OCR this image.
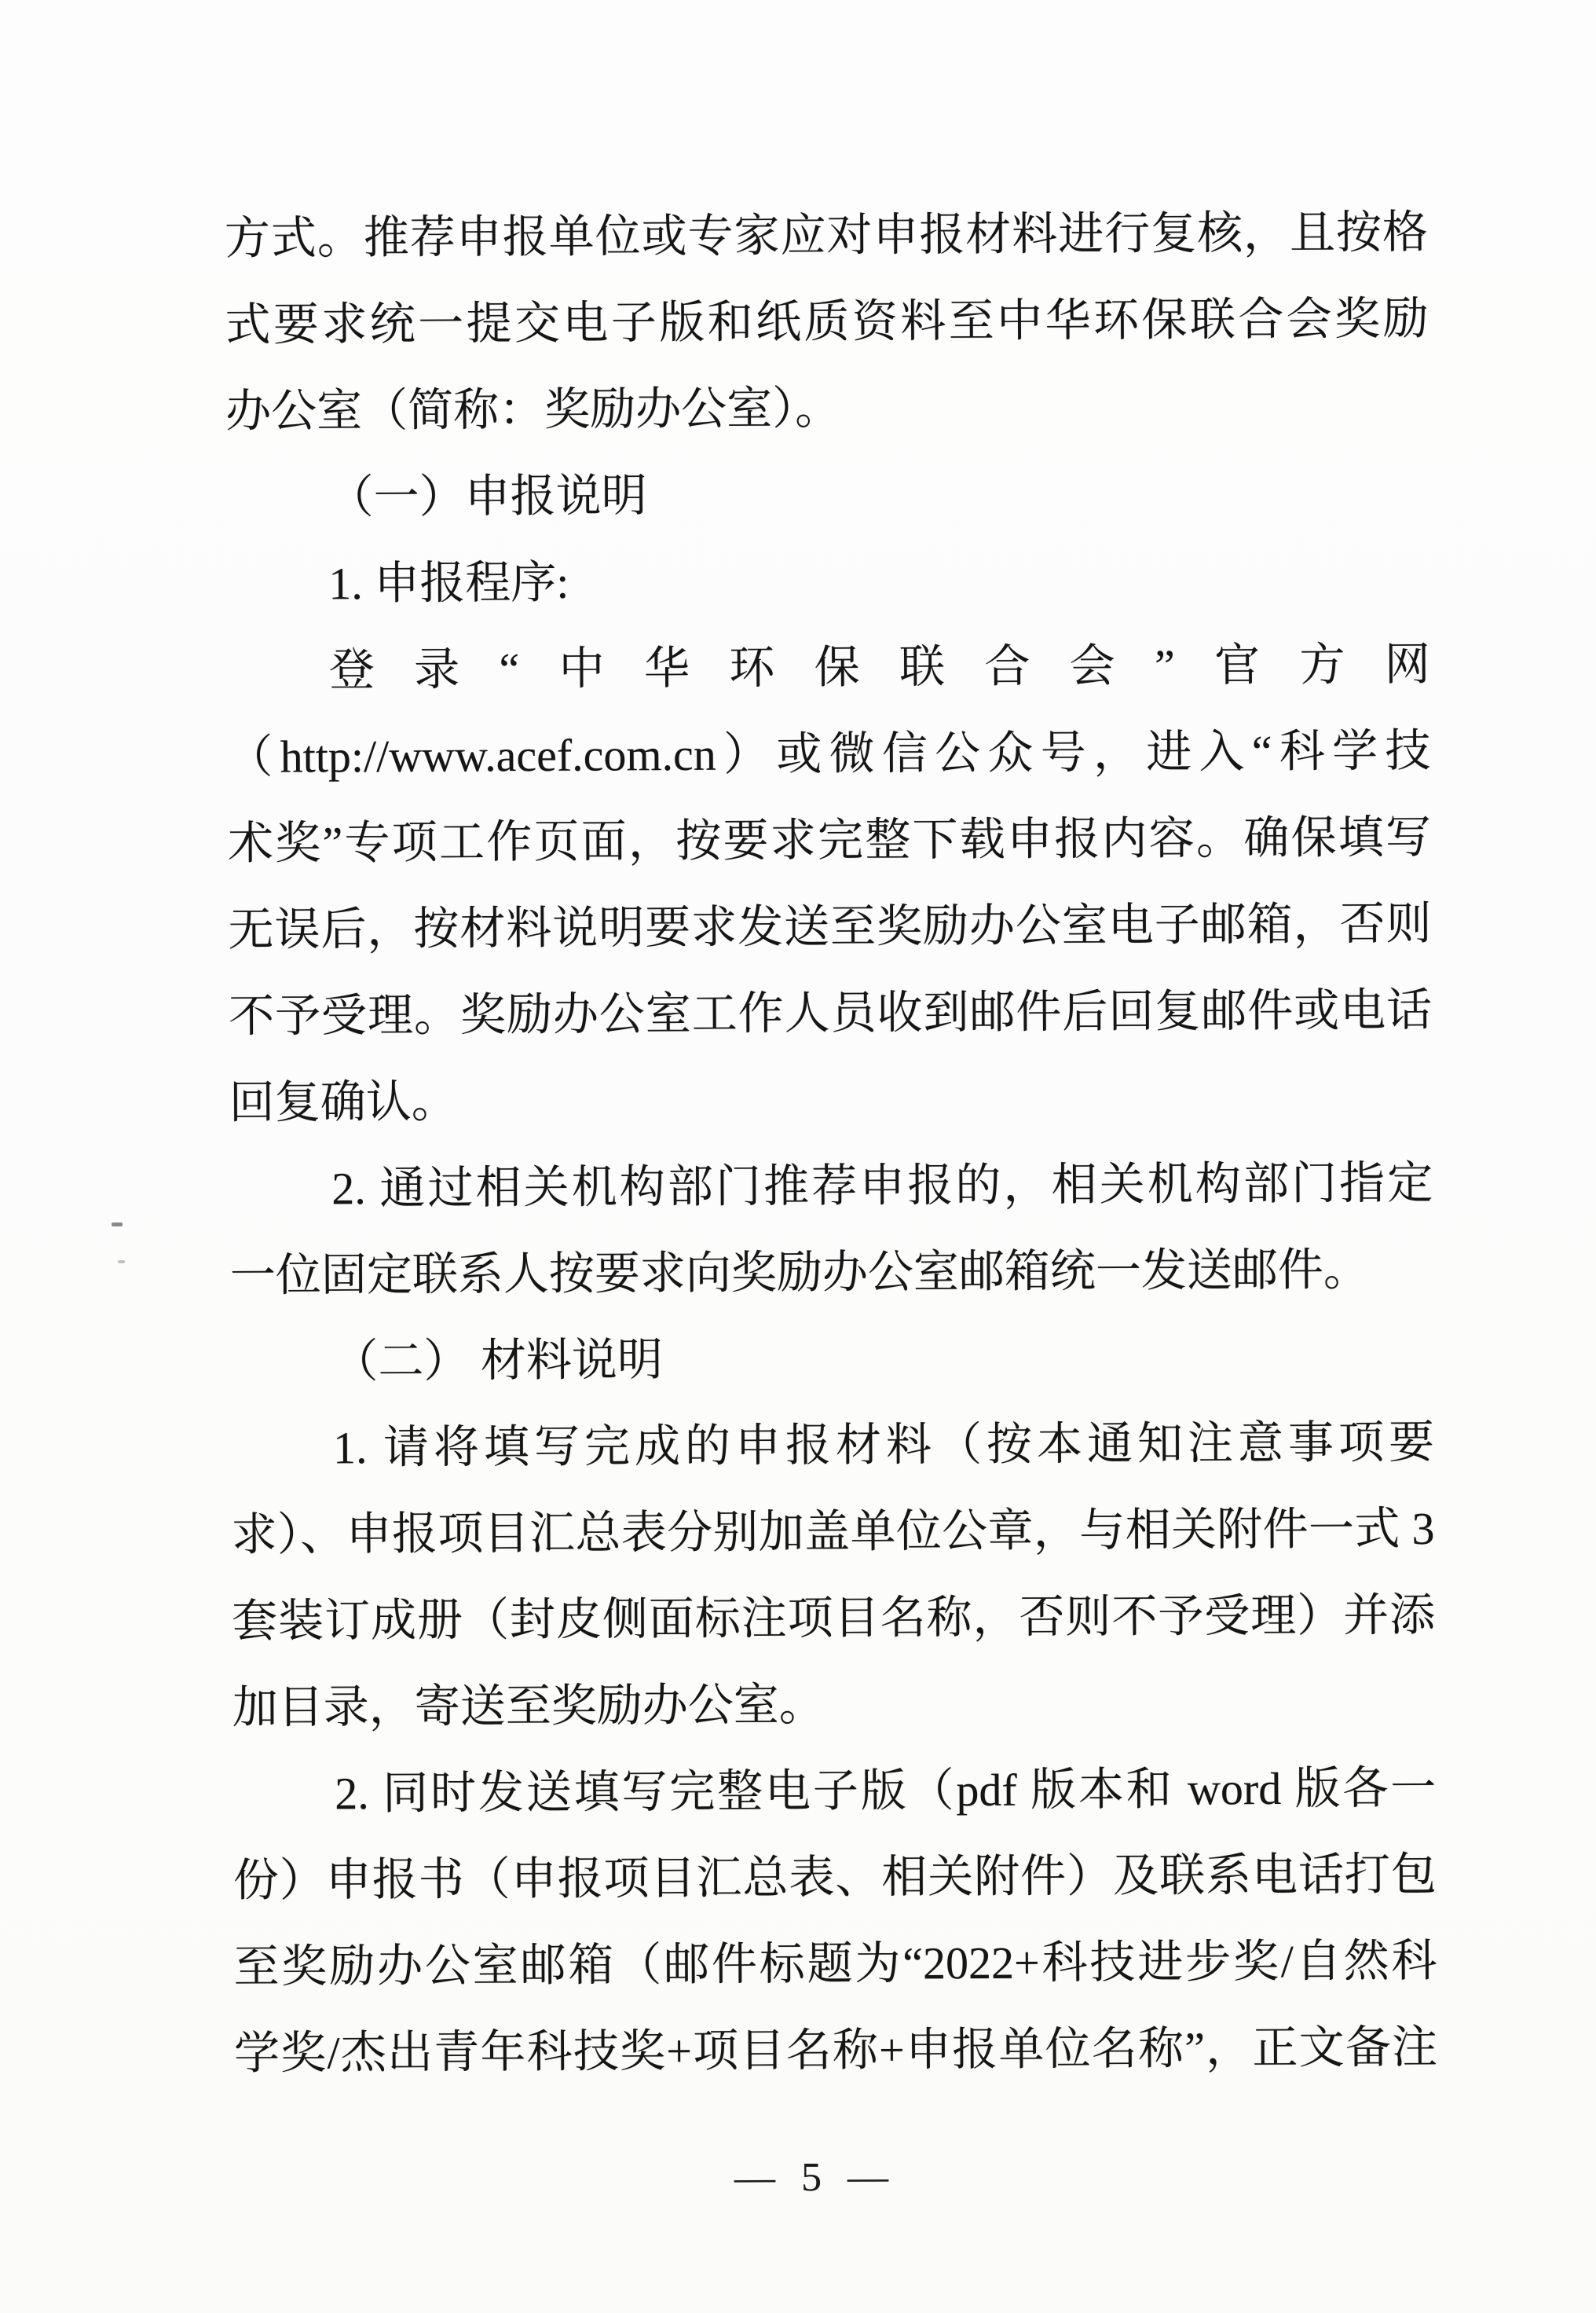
方式。推荐申报单位或专家应对申报材料进行复核，且按格
式要求统一提交电子版和纸质资料至中华环保联合会奖励
办公室（简称：奖励办公室）。
（一）申报说明
1. 申报程序:
登录“中华环保联合会”官方网
（http://www.acef.com.cn）或微信公众号，进入“科学技
术奖”专项工作页面，按要求完整下载申报内容。确保填写
无误后，按材料说明要求发送至奖励办公室电子邮箱，否则
不予受理。奖励办公室工作人员收到邮件后回复邮件或电话
回复确认。
2. 通过相关机构部门推荐申报的，相关机构部门指定
一位固定联系人按要求向奖励办公室邮箱统一发送邮件。
（二） 材料说明
1. 请将填写完成的申报材料（按本通知注意事项要
求）、申报项目汇总表分别加盖单位公章，与相关附件一式 3
套装订成册（封皮侧面标注项目名称，否则不予受理）并添
加目录，寄送至奖励办公室。
2. 同时发送填写完整电子版（pdf 版本和 word 版各一
份）申报书（申报项目汇总表、相关附件）及联系电话打包
至奖励办公室邮箱（邮件标题为“2022+科技进步奖/自然科
学奖/杰出青年科技奖+项目名称+申报单位名称”，正文备注
— 5 —
